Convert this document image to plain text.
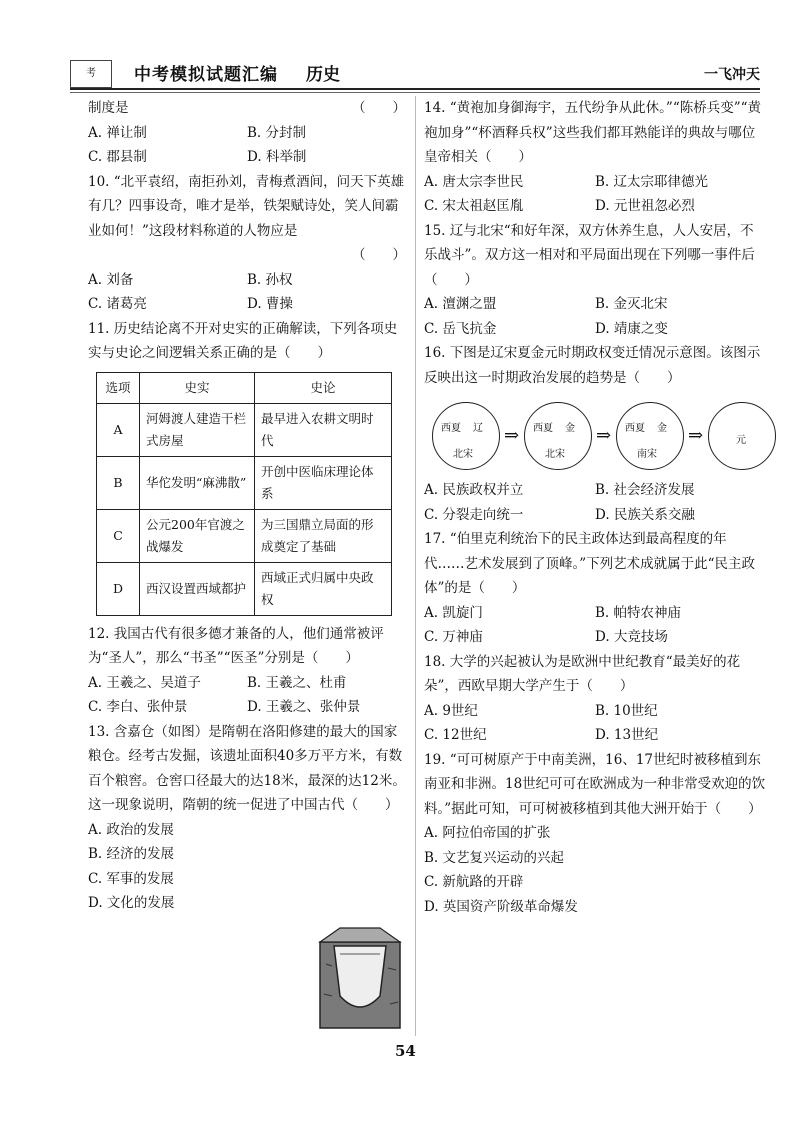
考	中考模拟试题汇编 历史	一飞冲天
制度是	（　　）
A. 禅让制	B. 分封制
C. 郡县制	D. 科举制
10. “北平袁绍，南拒孙刘，青梅煮酒间，问天下英雄有几？四事设奇，唯才是举，铁架赋诗处，笑人间霸业如何！”这段材料称道的人物应是
（　　）
A. 刘备	B. 孙权
C. 诸葛亮	D. 曹操
11. 历史结论离不开对史实的正确解读，下列各项史实与史论之间逻辑关系正确的是（　　）
选项	史实	史论
A	河姆渡人建造干栏式房屋	最早进入农耕文明时代
B	华佗发明“麻沸散”	开创中医临床理论体系
C	公元200年官渡之战爆发	为三国鼎立局面的形成奠定了基础
D	西汉设置西域都护	西域正式归属中央政权
12. 我国古代有很多德才兼备的人，他们通常被评为“圣人”，那么“书圣”“医圣”分别是（　　）
A. 王羲之、吴道子	B. 王羲之、杜甫
C. 李白、张仲景	D. 王羲之、张仲景
13. 含嘉仓（如图）是隋朝在洛阳修建的最大的国家粮仓。经考古发掘，该遗址面积40多万平方米，有数百个粮窖。仓窖口径最大的达18米，最深的达12米。这一现象说明，隋朝的统一促进了中国古代（　　）
A. 政治的发展
B. 经济的发展
C. 军事的发展
D. 文化的发展
14. “黄袍加身御海宇，五代纷争从此休。”“陈桥兵变”“黄袍加身”“杯酒释兵权”这些我们都耳熟能详的典故与哪位皇帝相关（　　）
A. 唐太宗李世民	B. 辽太宗耶律德光
C. 宋太祖赵匡胤	D. 元世祖忽必烈
15. 辽与北宋“和好年深，双方休养生息，人人安居，不乐战斗”。双方这一相对和平局面出现在下列哪一事件后（　　）
A. 澶渊之盟	B. 金灭北宋
C. 岳飞抗金	D. 靖康之变
16. 下图是辽宋夏金元时期政权变迁情况示意图。该图示反映出这一时期政治发展的趋势是（　　）
西夏 辽
北宋
⇒ 西夏 金
北宋
⇒ 西夏 金
南宋
⇒	元
A. 民族政权并立	B. 社会经济发展
C. 分裂走向统一	D. 民族关系交融
17. “伯里克利统治下的民主政体达到最高程度的年代……艺术发展到了顶峰。”下列艺术成就属于此“民主政体”的是（　　）
A. 凯旋门	B. 帕特农神庙
C. 万神庙	D. 大竞技场
18. 大学的兴起被认为是欧洲中世纪教育“最美好的花朵”，西欧早期大学产生于（　　）
A. 9世纪	B. 10世纪
C. 12世纪	D. 13世纪
19. “可可树原产于中南美洲，16、17世纪时被移植到东南亚和非洲。18世纪可可在欧洲成为一种非常受欢迎的饮料。”据此可知，可可树被移植到其他大洲开始于（　　）
A. 阿拉伯帝国的扩张
B. 文艺复兴运动的兴起
C. 新航路的开辟
D. 英国资产阶级革命爆发
54
